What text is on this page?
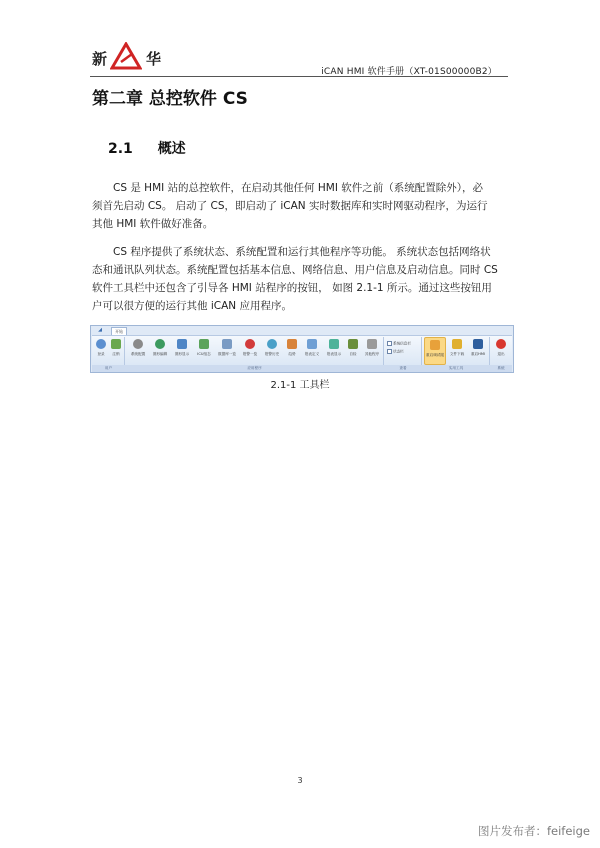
新	华
iCAN HMI 软件手册（XT-01S00000B2）
第二章 总控软件 CS
2.1 概述
CS 是 HMI 站的总控软件，在启动其他任何 HMI 软件之前（系统配置除外），必
须首先启动 CS。 启动了 CS，即启动了 iCAN 实时数据库和实时网驱动程序，为运行
其他 HMI 软件做好准备。
CS 程序提供了系统状态、系统配置和运行其他程序等功能。 系统状态包括网络状
态和通讯队列状态。系统配置包括基本信息、网络信息、用户信息及启动信息。同时 CS
软件工具栏中还包含了引导各 HMI 站程序的按钮， 如图 2.1-1 所示。通过这些按钮用
户可以很方便的运行其他 iCAN 应用程序。
◢	开始
登录	注销	系统配置	图形编辑	图形显示	ICU组态	数据库一览	报警一览	报警历史	趋势	报表定义	报表显示	自检	其他程序
系统信息栏
状态栏
重启调试服	文件下载	重启HMI	退出
用户	应用程序	查看	实用工具	系统
2.1-1 工具栏
3
图片发布者：feifeige
